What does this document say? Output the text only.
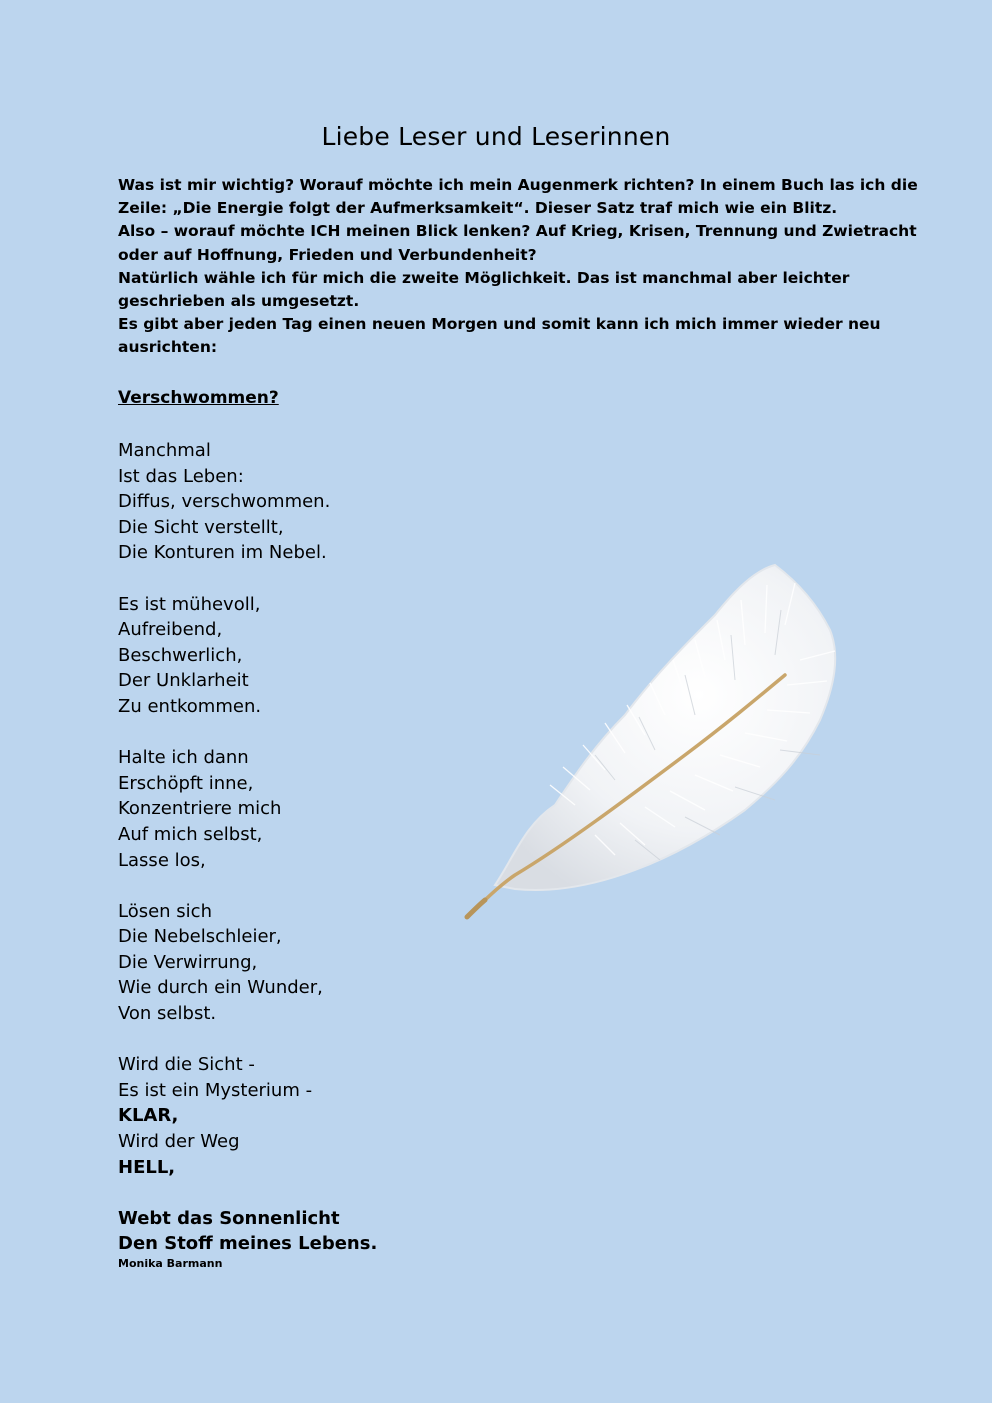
Liebe Leser und Leserinnen
Was ist mir wichtig? Worauf möchte ich mein Augenmerk richten? In einem Buch las ich die
Zeile: „Die Energie folgt der Aufmerksamkeit“. Dieser Satz traf mich wie ein Blitz.
Also – worauf möchte ICH meinen Blick lenken? Auf Krieg, Krisen, Trennung und Zwietracht
oder auf Hoffnung, Frieden und Verbundenheit?
Natürlich wähle ich für mich die zweite Möglichkeit. Das ist manchmal aber leichter
geschrieben als umgesetzt.
Es gibt aber jeden Tag einen neuen Morgen und somit kann ich mich immer wieder neu
ausrichten:
Verschwommen?
Manchmal
Ist das Leben:
Diffus, verschwommen.
Die Sicht verstellt,
Die Konturen im Nebel.
Es ist mühevoll,
Aufreibend,
Beschwerlich,
Der Unklarheit
Zu entkommen.
Halte ich dann
Erschöpft inne,
Konzentriere mich
Auf mich selbst,
Lasse los,
Lösen sich
Die Nebelschleier,
Die Verwirrung,
Wie durch ein Wunder,
Von selbst.
Wird die Sicht -
Es ist ein Mysterium -
KLAR,
Wird der Weg
HELL,
Webt das Sonnenlicht
Den Stoff meines Lebens.

Monika Barmann
